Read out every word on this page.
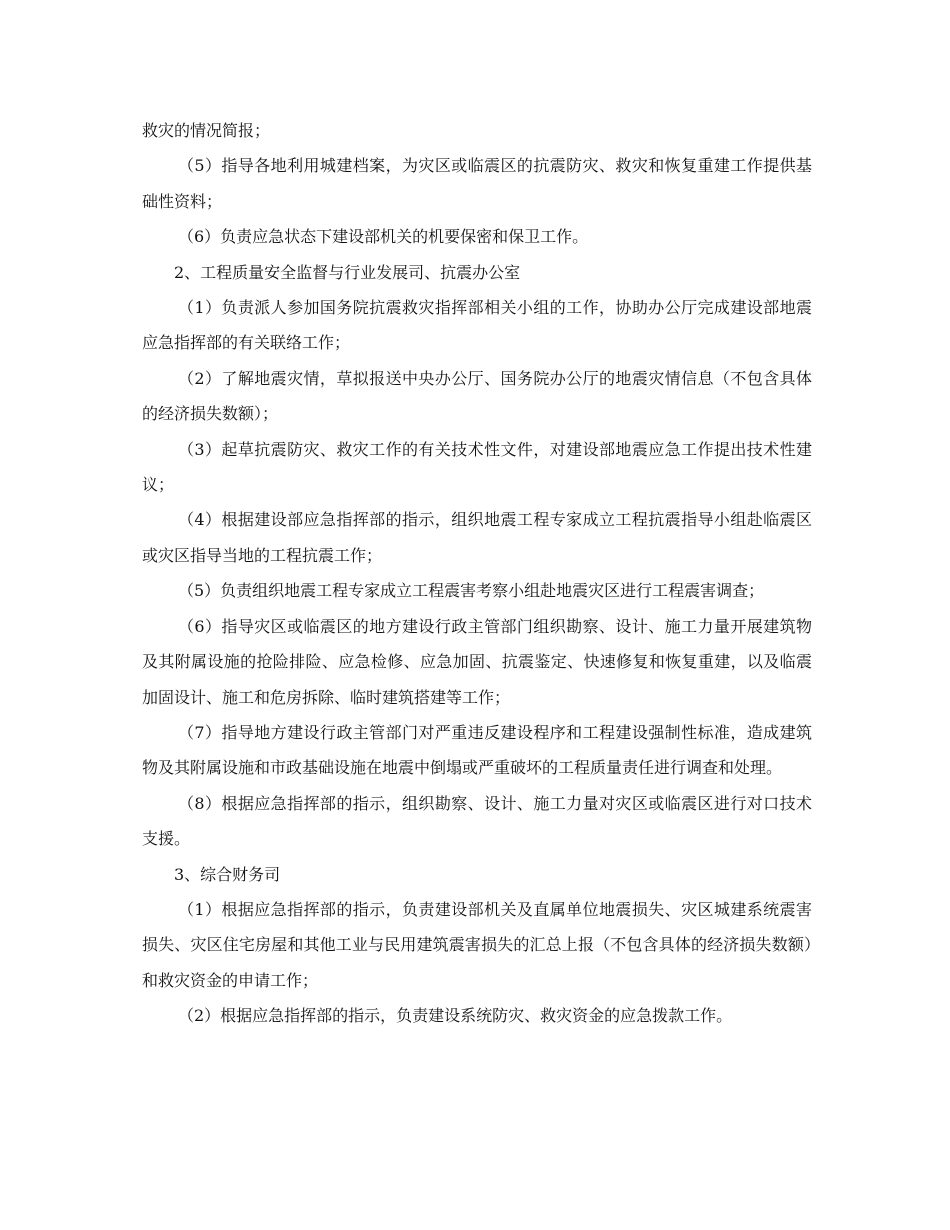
救灾的情况简报；

（5）指导各地利用城建档案，为灾区或临震区的抗震防灾、救灾和恢复重建工作提供基础性资料；

（6）负责应急状态下建设部机关的机要保密和保卫工作。

2、工程质量安全监督与行业发展司、抗震办公室

（1）负责派人参加国务院抗震救灾指挥部相关小组的工作，协助办公厅完成建设部地震应急指挥部的有关联络工作；

（2）了解地震灾情，草拟报送中央办公厅、国务院办公厅的地震灾情信息（不包含具体的经济损失数额）；

（3）起草抗震防灾、救灾工作的有关技术性文件，对建设部地震应急工作提出技术性建议；

（4）根据建设部应急指挥部的指示，组织地震工程专家成立工程抗震指导小组赴临震区或灾区指导当地的工程抗震工作；

（5）负责组织地震工程专家成立工程震害考察小组赴地震灾区进行工程震害调查；

（6）指导灾区或临震区的地方建设行政主管部门组织勘察、设计、施工力量开展建筑物及其附属设施的抢险排险、应急检修、应急加固、抗震鉴定、快速修复和恢复重建，以及临震加固设计、施工和危房拆除、临时建筑搭建等工作；

（7）指导地方建设行政主管部门对严重违反建设程序和工程建设强制性标准，造成建筑物及其附属设施和市政基础设施在地震中倒塌或严重破坏的工程质量责任进行调查和处理。

（8）根据应急指挥部的指示，组织勘察、设计、施工力量对灾区或临震区进行对口技术支援。

3、综合财务司

（1）根据应急指挥部的指示，负责建设部机关及直属单位地震损失、灾区城建系统震害损失、灾区住宅房屋和其他工业与民用建筑震害损失的汇总上报（不包含具体的经济损失数额）和救灾资金的申请工作；

（2）根据应急指挥部的指示，负责建设系统防灾、救灾资金的应急拨款工作。
